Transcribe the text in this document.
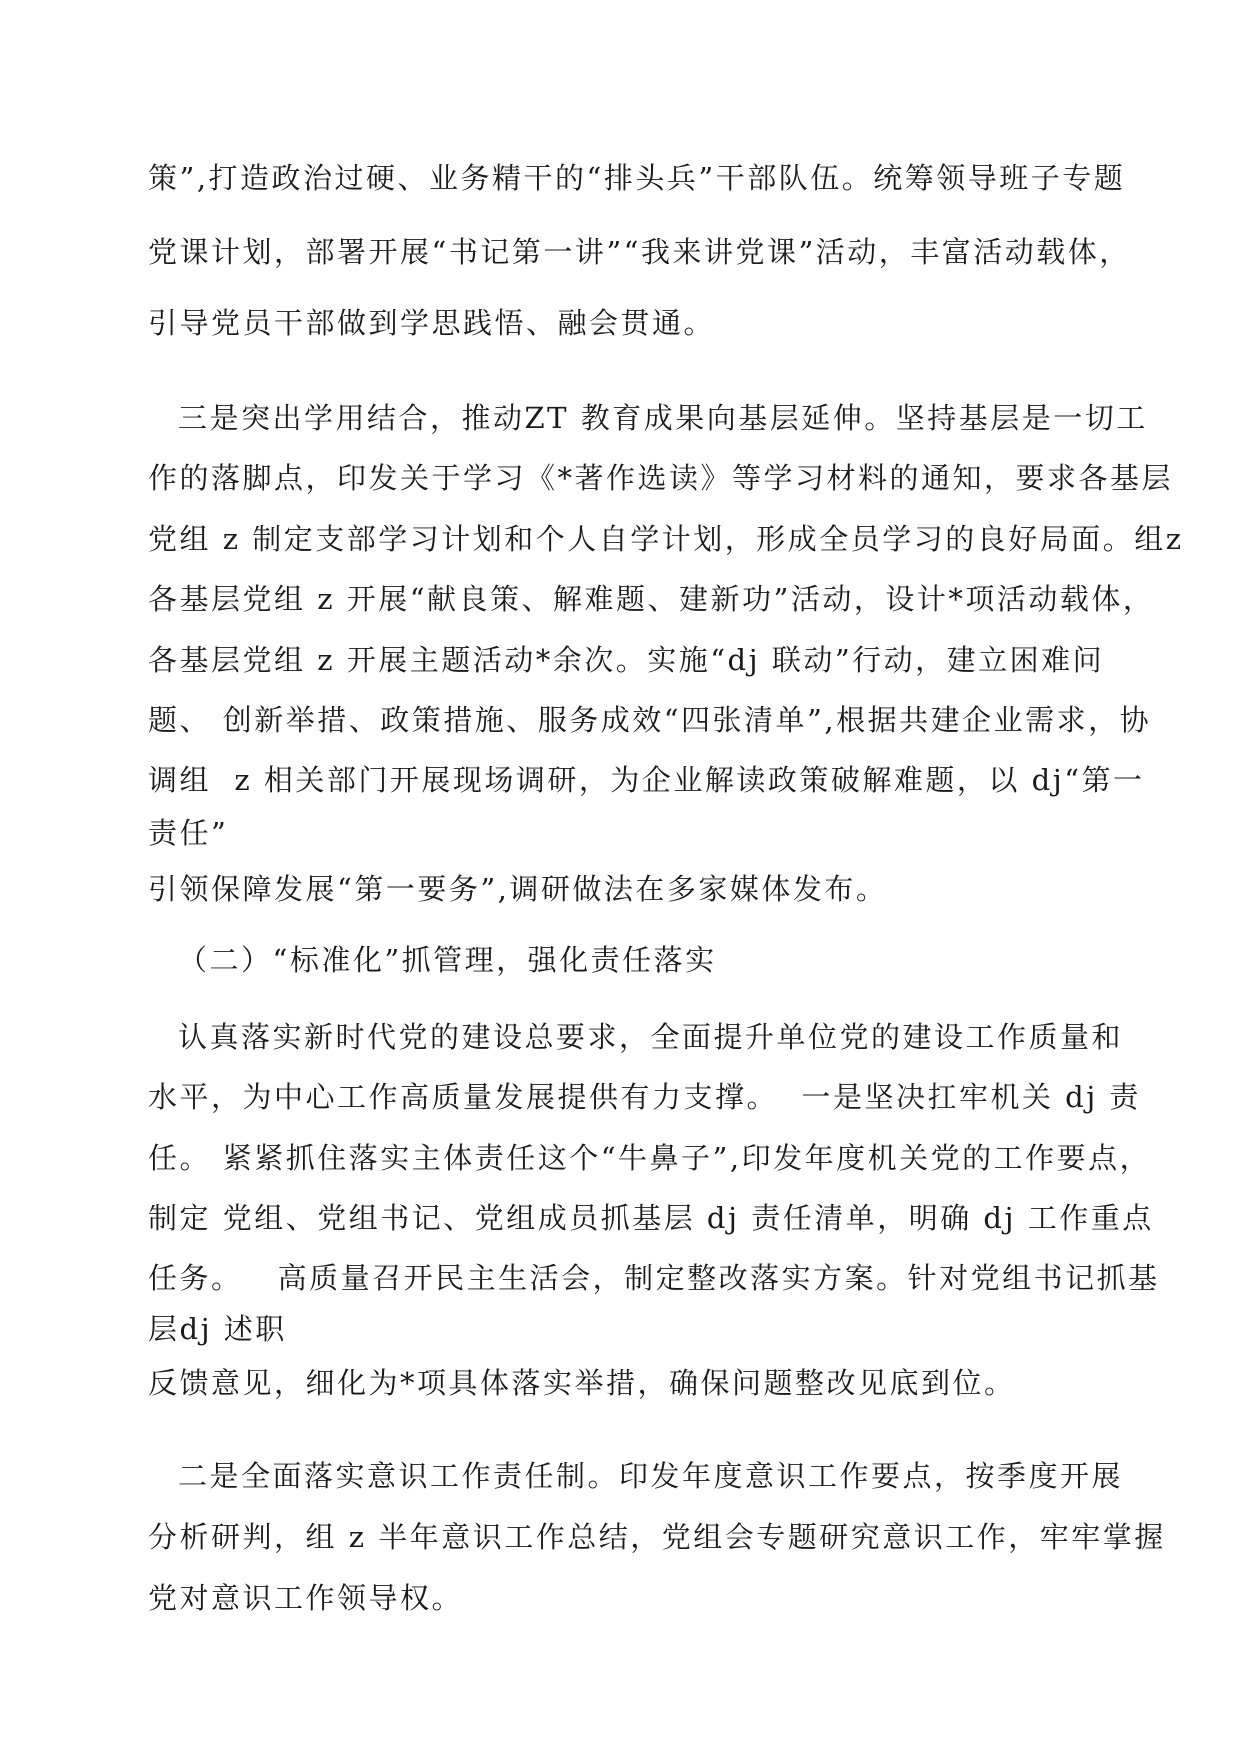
策”,打造政治过硬、业务精干的“排头兵”干部队伍。统筹领导班子专题
党课计划，部署开展“书记第一讲”“我来讲党课”活动，丰富活动载体，
引导党员干部做到学思践悟、融会贯通。
三是突出学用结合，推动ZT 教育成果向基层延伸。坚持基层是一切工
作的落脚点，印发关于学习《*著作选读》等学习材料的通知，要求各基层
党组 z 制定支部学习计划和个人自学计划，形成全员学习的良好局面。组z
各基层党组 z 开展“献良策、解难题、建新功”活动，设计*项活动载体，
各基层党组 z 开展主题活动*余次。实施“dj 联动”行动，建立困难问
题、 创新举措、政策措施、服务成效“四张清单”,根据共建企业需求，协
调组  z 相关部门开展现场调研，为企业解读政策破解难题，以 dj“第一
责任”
引领保障发展“第一要务”,调研做法在多家媒体发布。
（二）“标准化”抓管理，强化责任落实
认真落实新时代党的建设总要求，全面提升单位党的建设工作质量和
水平，为中心工作高质量发展提供有力支撑。  一是坚决扛牢机关 dj 责
任。 紧紧抓住落实主体责任这个“牛鼻子”,印发年度机关党的工作要点，
制定 党组、党组书记、党组成员抓基层 dj 责任清单，明确 dj 工作重点
任务。   高质量召开民主生活会，制定整改落实方案。针对党组书记抓基
层dj 述职
反馈意见，细化为*项具体落实举措，确保问题整改见底到位。
二是全面落实意识工作责任制。印发年度意识工作要点，按季度开展
分析研判，组 z 半年意识工作总结，党组会专题研究意识工作，牢牢掌握
党对意识工作领导权。
